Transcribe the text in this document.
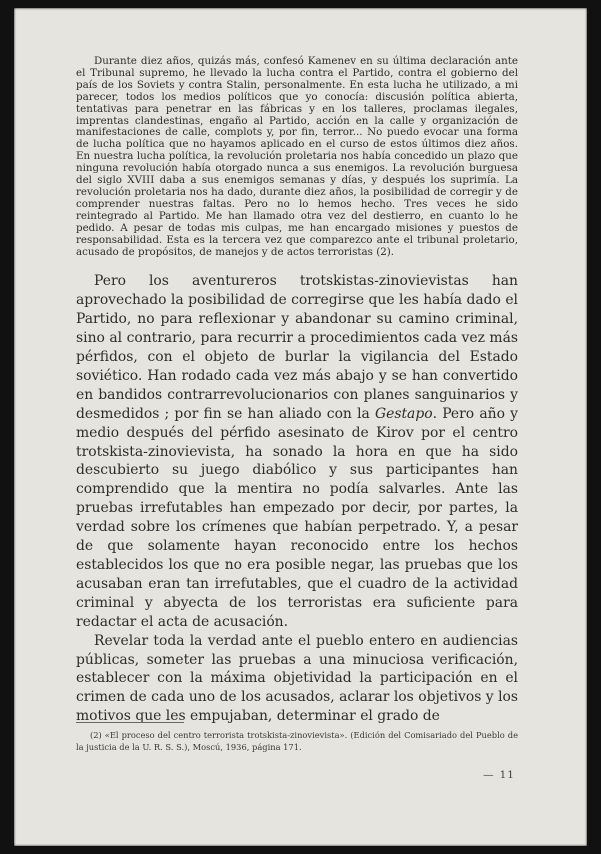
Durante diez años, quizás más, confesó Kamenev en su última declaración ante el Tribunal supremo, he llevado la lucha contra el Partido, contra el gobierno del país de los Soviets y contra Stalin, personalmente. En esta lucha he utilizado, a mi parecer, todos los medios políticos que yo conocía: discusión política abierta, tentativas para penetrar en las fábricas y en los talleres, proclamas ilegales, imprentas clandestinas, engaño al Partido, acción en la calle y organización de manifestaciones de calle, complots y, por fin, terror... No puedo evocar una forma de lucha política que no hayamos aplicado en el curso de estos últimos diez años. En nuestra lucha política, la revolución proletaria nos había concedido un plazo que ninguna revolución había otorgado nunca a sus enemigos. La revolución burguesa del siglo XVIII daba a sus enemigos semanas y días, y después los suprimía. La revolución proletaria nos ha dado, durante diez años, la posibilidad de corregir y de comprender nuestras faltas. Pero no lo hemos hecho. Tres veces he sido reintegrado al Partido. Me han llamado otra vez del destierro, en cuanto lo he pedido. A pesar de todas mis culpas, me han encargado misiones y puestos de responsabilidad. Esta es la tercera vez que comparezco ante el tribunal proletario, acusado de propósitos, de manejos y de actos terroristas (2).

Pero los aventureros trotskistas-zinovievistas han aprovechado la posibilidad de corregirse que les había dado el Partido, no para reflexionar y abandonar su camino criminal, sino al contrario, para recurrir a procedimientos cada vez más pérfidos, con el objeto de burlar la vigilancia del Estado soviético. Han rodado cada vez más abajo y se han convertido en bandidos contrarrevolucionarios con planes sanguinarios y desmedidos ; por fin se han aliado con la Gestapo. Pero año y medio después del pérfido asesinato de Kirov por el centro trotskista-zinovievista, ha sonado la hora en que ha sido descubierto su juego diabólico y sus participantes han comprendido que la mentira no podía salvarles. Ante las pruebas irrefutables han empezado por decir, por partes, la verdad sobre los crímenes que habían perpetrado. Y, a pesar de que solamente hayan reconocido entre los hechos establecidos los que no era posible negar, las pruebas que los acusaban eran tan irrefutables, que el cuadro de la actividad criminal y abyecta de los terroristas era suficiente para redactar el acta de acusación.

Revelar toda la verdad ante el pueblo entero en audiencias públicas, someter las pruebas a una minuciosa verificación, establecer con la máxima objetividad la participación en el crimen de cada uno de los acusados, aclarar los objetivos y los motivos que les empujaban, determinar el grado de

(2) «El proceso del centro terrorista trotskista-zinovievista». (Edición del Comisariado del Pueblo de la justicia de la U. R. S. S.), Moscú, 1936, página 171.

— 11
